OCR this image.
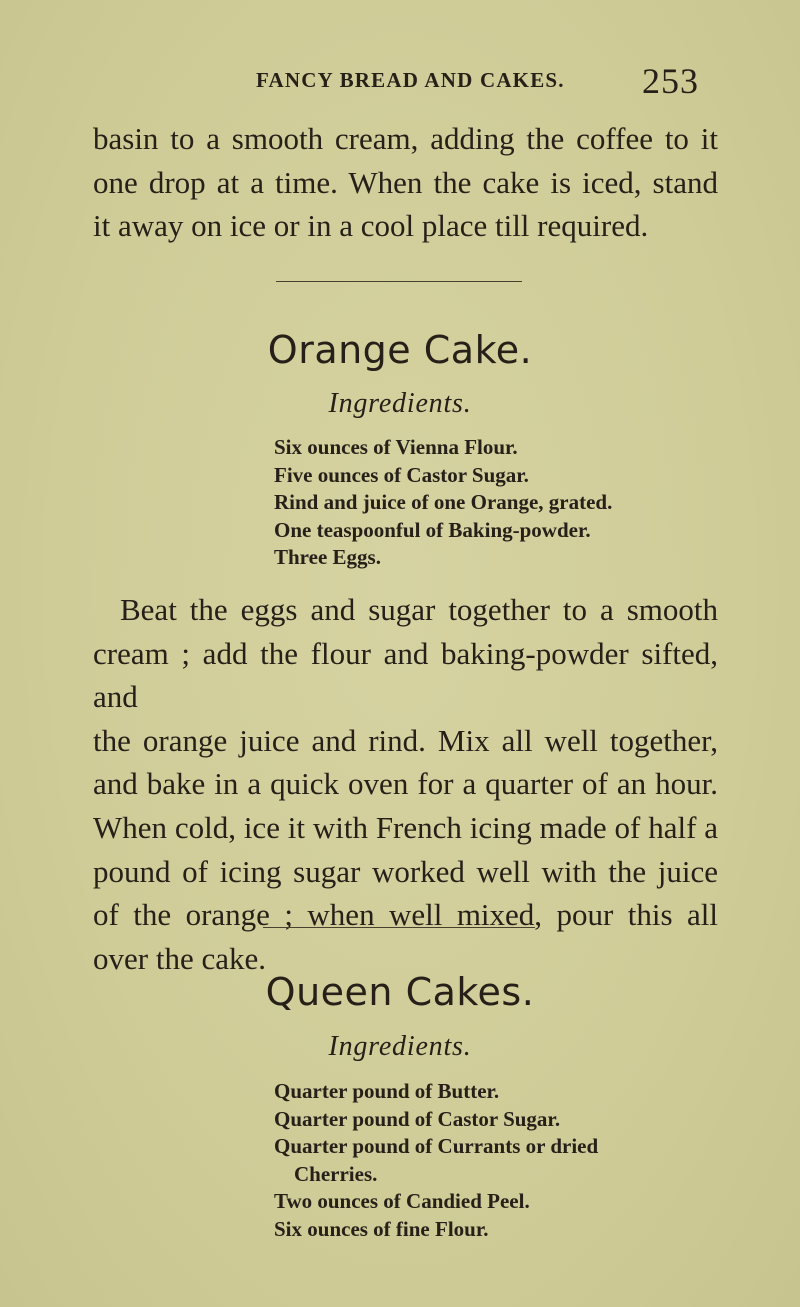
FANCY BREAD AND CAKES. 253

basin to a smooth cream, adding the coffee to it
one drop at a time. When the cake is iced, stand
it away on ice or in a cool place till required.

Orange Cake.
Ingredients.
Six ounces of Vienna Flour.
Five ounces of Castor Sugar.
Rind and juice of one Orange, grated.
One teaspoonful of Baking-powder.
Three Eggs.

Beat the eggs and sugar together to a smooth
cream ; add the flour and baking-powder sifted, and
the orange juice and rind. Mix all well together,
and bake in a quick oven for a quarter of an hour.
When cold, ice it with French icing made of half a
pound of icing sugar worked well with the juice
of the orange ; when well mixed, pour this all
over the cake.

Queen Cakes.
Ingredients.
Quarter pound of Butter.
Quarter pound of Castor Sugar.
Quarter pound of Currants or dried
Cherries.
Two ounces of Candied Peel.
Six ounces of fine Flour.
